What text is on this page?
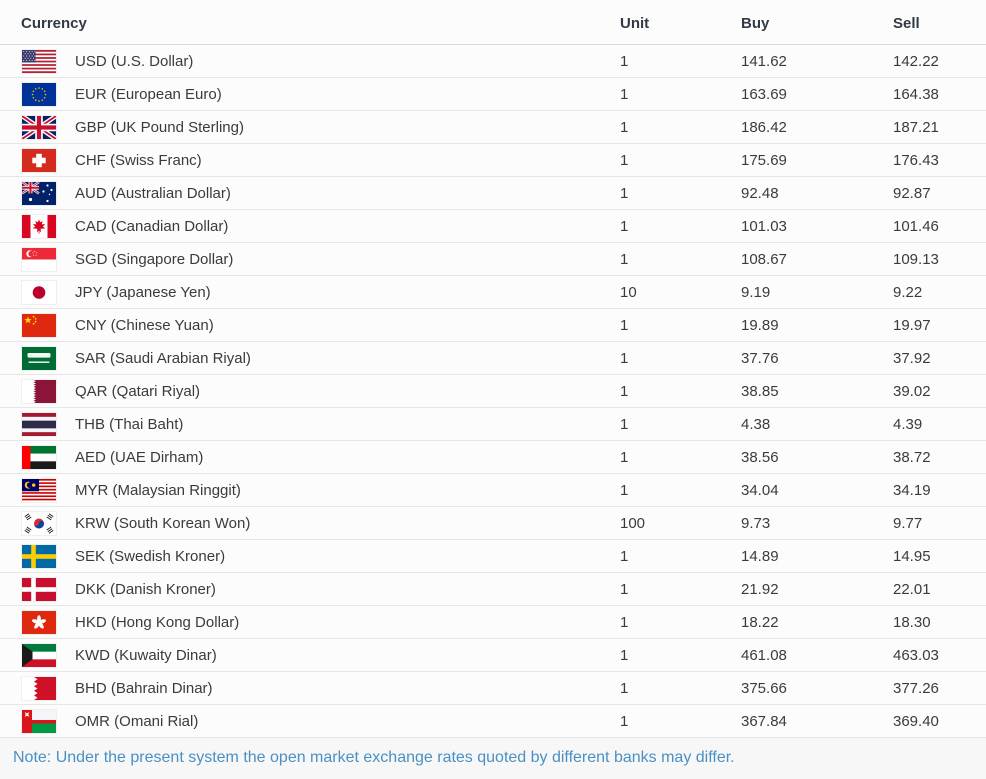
Currency	Unit	Buy	Sell
USD (U.S. Dollar)	1	141.62	142.22
EUR (European Euro)	1	163.69	164.38
GBP (UK Pound Sterling)	1	186.42	187.21
CHF (Swiss Franc)	1	175.69	176.43
AUD (Australian Dollar)	1	92.48	92.87
CAD (Canadian Dollar)	1	101.03	101.46
SGD (Singapore Dollar)	1	108.67	109.13
JPY (Japanese Yen)	10	9.19	9.22
CNY (Chinese Yuan)	1	19.89	19.97
SAR (Saudi Arabian Riyal)	1	37.76	37.92
QAR (Qatari Riyal)	1	38.85	39.02
THB (Thai Baht)	1	4.38	4.39
AED (UAE Dirham)	1	38.56	38.72
MYR (Malaysian Ringgit)	1	34.04	34.19
KRW (South Korean Won)	100	9.73	9.77
SEK (Swedish Kroner)	1	14.89	14.95
DKK (Danish Kroner)	1	21.92	22.01
HKD (Hong Kong Dollar)	1	18.22	18.30
KWD (Kuwaity Dinar)	1	461.08	463.03
BHD (Bahrain Dinar)	1	375.66	377.26
OMR (Omani Rial)	1	367.84	369.40
Note: Under the present system the open market exchange rates quoted by different banks may differ.
